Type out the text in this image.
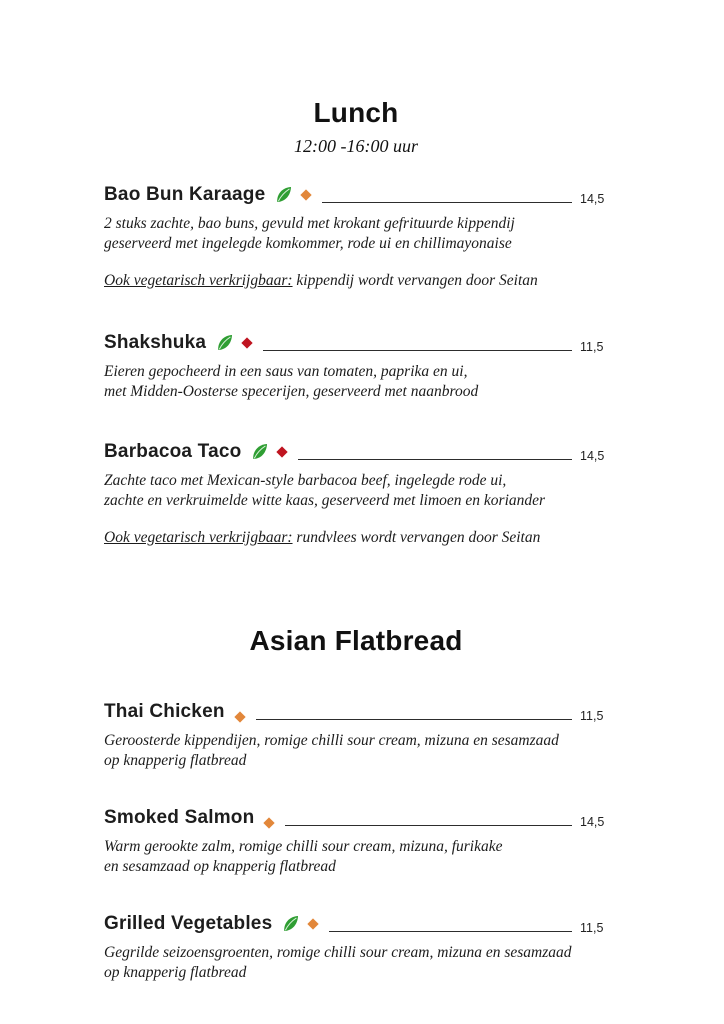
Lunch
12:00 -16:00 uur
Bao Bun Karaage	14,5
2 stuks zachte, bao buns, gevuld met krokant gefrituurde kippendij
geserveerd met ingelegde komkommer, rode ui en chillimayonaise
Ook vegetarisch verkrijgbaar: kippendij wordt vervangen door Seitan
Shakshuka	11,5
Eieren gepocheerd in een saus van tomaten, paprika en ui,
met Midden-Oosterse specerijen, geserveerd met naanbrood
Barbacoa Taco	14,5
Zachte taco met Mexican-style barbacoa beef, ingelegde rode ui,
zachte en verkruimelde witte kaas, geserveerd met limoen en koriander
Ook vegetarisch verkrijgbaar: rundvlees wordt vervangen door Seitan
Asian Flatbread
Thai Chicken	11,5
Geroosterde kippendijen, romige chilli sour cream, mizuna en sesamzaad
op knapperig flatbread
Smoked Salmon	14,5
Warm gerookte zalm, romige chilli sour cream, mizuna, furikake
en sesamzaad op knapperig flatbread
Grilled Vegetables	11,5
Gegrilde seizoensgroenten, romige chilli sour cream, mizuna en sesamzaad
op knapperig flatbread
